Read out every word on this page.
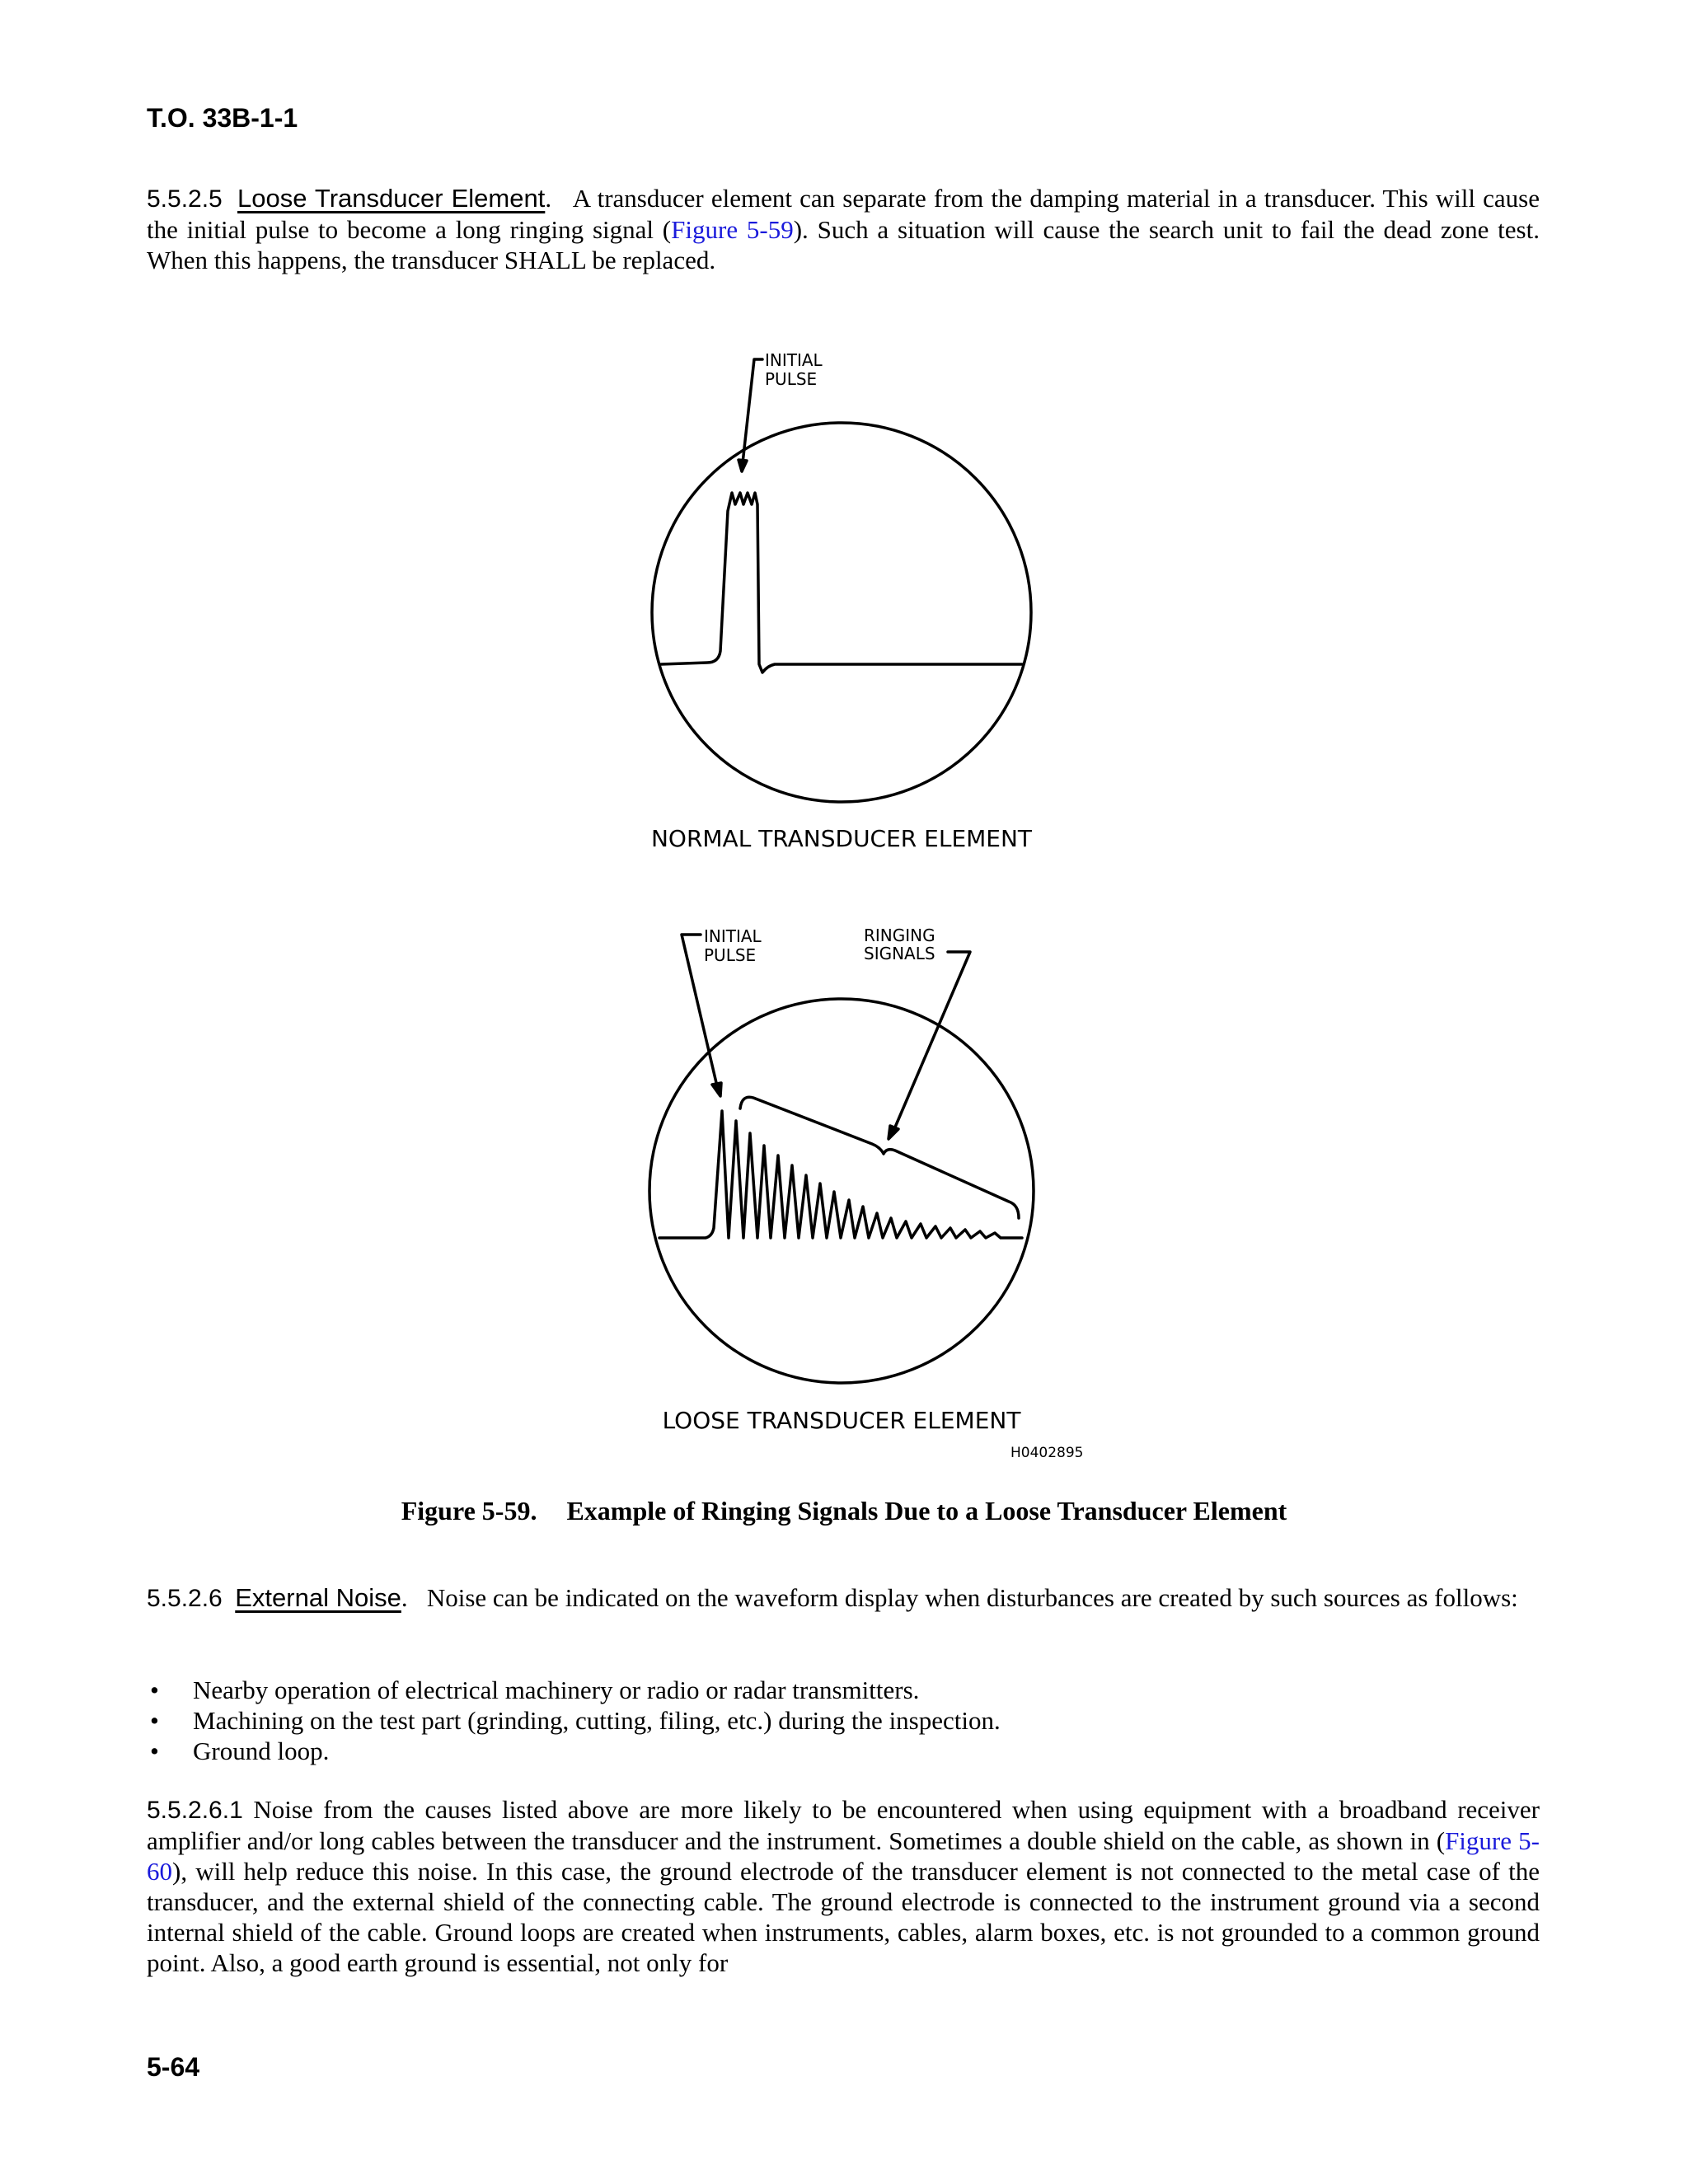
T.O. 33B-1-1
5.5.2.5 Loose Transducer Element. A transducer element can separate from the damping material in a transducer. This will cause the initial pulse to become a long ringing signal (Figure 5-59). Such a situation will cause the search unit to fail the dead zone test. When this happens, the transducer SHALL be replaced.
INITIAL
PULSE
NORMAL TRANSDUCER ELEMENT
INITIAL
PULSE
RINGING
SIGNALS
LOOSE TRANSDUCER ELEMENT
H0402895
Figure 5-59. Example of Ringing Signals Due to a Loose Transducer Element
5.5.2.6 External Noise. Noise can be indicated on the waveform display when disturbances are created by such sources as follows:
• Nearby operation of electrical machinery or radio or radar transmitters.
• Machining on the test part (grinding, cutting, filing, etc.) during the inspection.
• Ground loop.
5.5.2.6.1 Noise from the causes listed above are more likely to be encountered when using equipment with a broadband receiver amplifier and/or long cables between the transducer and the instrument. Sometimes a double shield on the cable, as shown in (Figure 5-60), will help reduce this noise. In this case, the ground electrode of the transducer element is not connected to the metal case of the transducer, and the external shield of the connecting cable. The ground electrode is connected to the instrument ground via a second internal shield of the cable. Ground loops are created when instruments, cables, alarm boxes, etc. is not grounded to a common ground point. Also, a good earth ground is essential, not only for
5-64
